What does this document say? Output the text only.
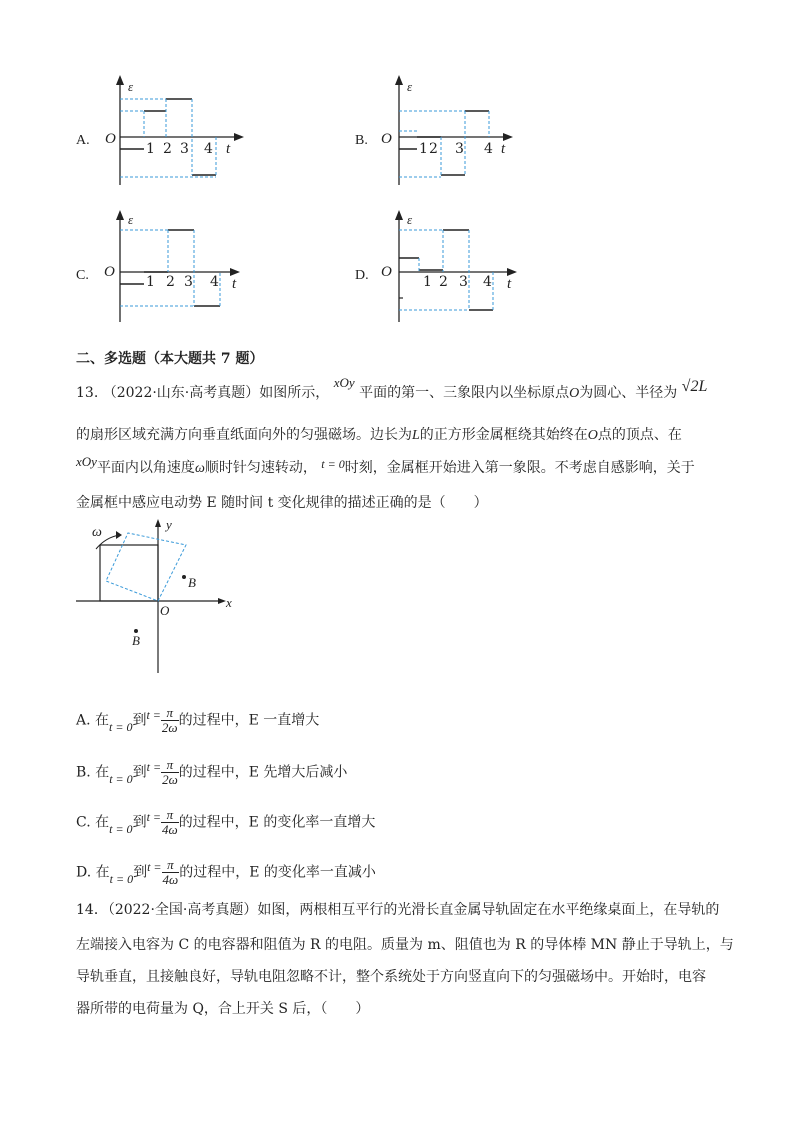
A.
ε
O
t
1 2 3 4
B.
ε
O
t
1 2 3 4
C.
ε
O
t
1 2 3 4	D.
ε
O
t
1 2 3 4
二、多选题（本大题共 7 题）
13. （2022·山东·高考真题）如图所示， xOy 平面的第一、三象限内以坐标原点O为圆心、半径为 √2L
的扇形区域充满方向垂直纸面向外的匀强磁场。边长为L的正方形金属框绕其始终在O点的顶点、在
xOy平面内以角速度ω顺时针匀速转动， t = 0时刻，金属框开始进入第一象限。不考虑自感影响，关于
金属框中感应电动势 E 随时间 t 变化规律的描述正确的是（　　）
ω
y
x
O
B
B
A. 在t = 0到$t = \frac{\pi}{2\omega}$ 的过程中，E 一直增大
B. 在t = 0到$t = \frac{\pi}{2\omega}$ 的过程中，E 先增大后减小
C. 在t = 0到$t = \frac{\pi}{4\omega}$ 的过程中，E 的变化率一直增大
D. 在t = 0到$t = \frac{\pi}{4\omega}$ 的过程中，E 的变化率一直减小
14．（2022·全国·高考真题）如图，两根相互平行的光滑长直金属导轨固定在水平绝缘桌面上，在导轨的
左端接入电容为 C 的电容器和阻值为 R 的电阻。质量为 m、阻值也为 R 的导体棒 MN 静止于导轨上，与
导轨垂直，且接触良好，导轨电阻忽略不计，整个系统处于方向竖直向下的匀强磁场中。开始时，电容
器所带的电荷量为 Q，合上开关 S 后，（　　）
